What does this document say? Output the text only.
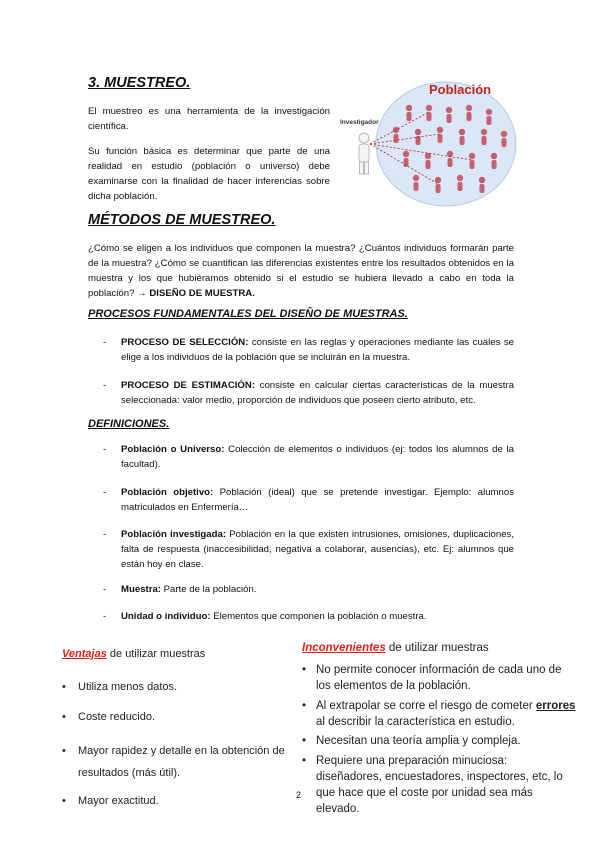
3. MUESTREO.
El muestreo es una herramienta de la investigación científica.
Su función básica es determinar que parte de una realidad en estudio (población o universo) debe examinarse con la finalidad de hacer inferencias sobre dicha población.
Población
Investigador
MÉTODOS DE MUESTREO.
¿Cómo se eligen a los individuos que componen la muestra? ¿Cuántos individuos formarán parte de la muestra? ¿Cómo se cuantifican las diferencias existentes entre los resultados obtenidos en la muestra y los que hubiéramos obtenido si el estudio se hubiera llevado a cabo en toda la población? → DISEÑO DE MUESTRA.
PROCESOS FUNDAMENTALES DEL DISEÑO DE MUESTRAS.
- PROCESO DE SELECCIÓN: consiste en las reglas y operaciones mediante las cuales se elige a los individuos de la población que se incluirán en la muestra.
- PROCESO DE ESTIMACIÓN: consiste en calcular ciertas características de la muestra seleccionada: valor medio, proporción de individuos que poseen cierto atributo, etc.
DEFINICIONES.
- Población o Universo: Colección de elementos o individuos (ej: todos los alumnos de la facultad).
- Población objetivo: Población (ideal) que se pretende investigar. Ejemplo: alumnos matriculados en Enfermería…
- Población investigada: Población en la que existen intrusiones, omisiones, duplicaciones, falta de respuesta (inaccesibilidad, negativa a colaborar, ausencias), etc. Ej: alumnos que están hoy en clase.
- Muestra: Parte de la población.
- Unidad o individuo: Elementos que componen la población o muestra.
Ventajas de utilizar muestras
• Utiliza menos datos.
• Coste reducido.
• Mayor rapidez y detalle en la obtención de resultados (más útil).
• Mayor exactitud.	2
Inconvenientes de utilizar muestras
• No permite conocer información de cada uno de los elementos de la población.
• Al extrapolar se corre el riesgo de cometer errores al describir la característica en estudio.
• Necesitan una teoría amplia y compleja.
• Requiere una preparación minuciosa: diseñadores, encuestadores, inspectores, etc, lo que hace que el coste por unidad sea más elevado.
